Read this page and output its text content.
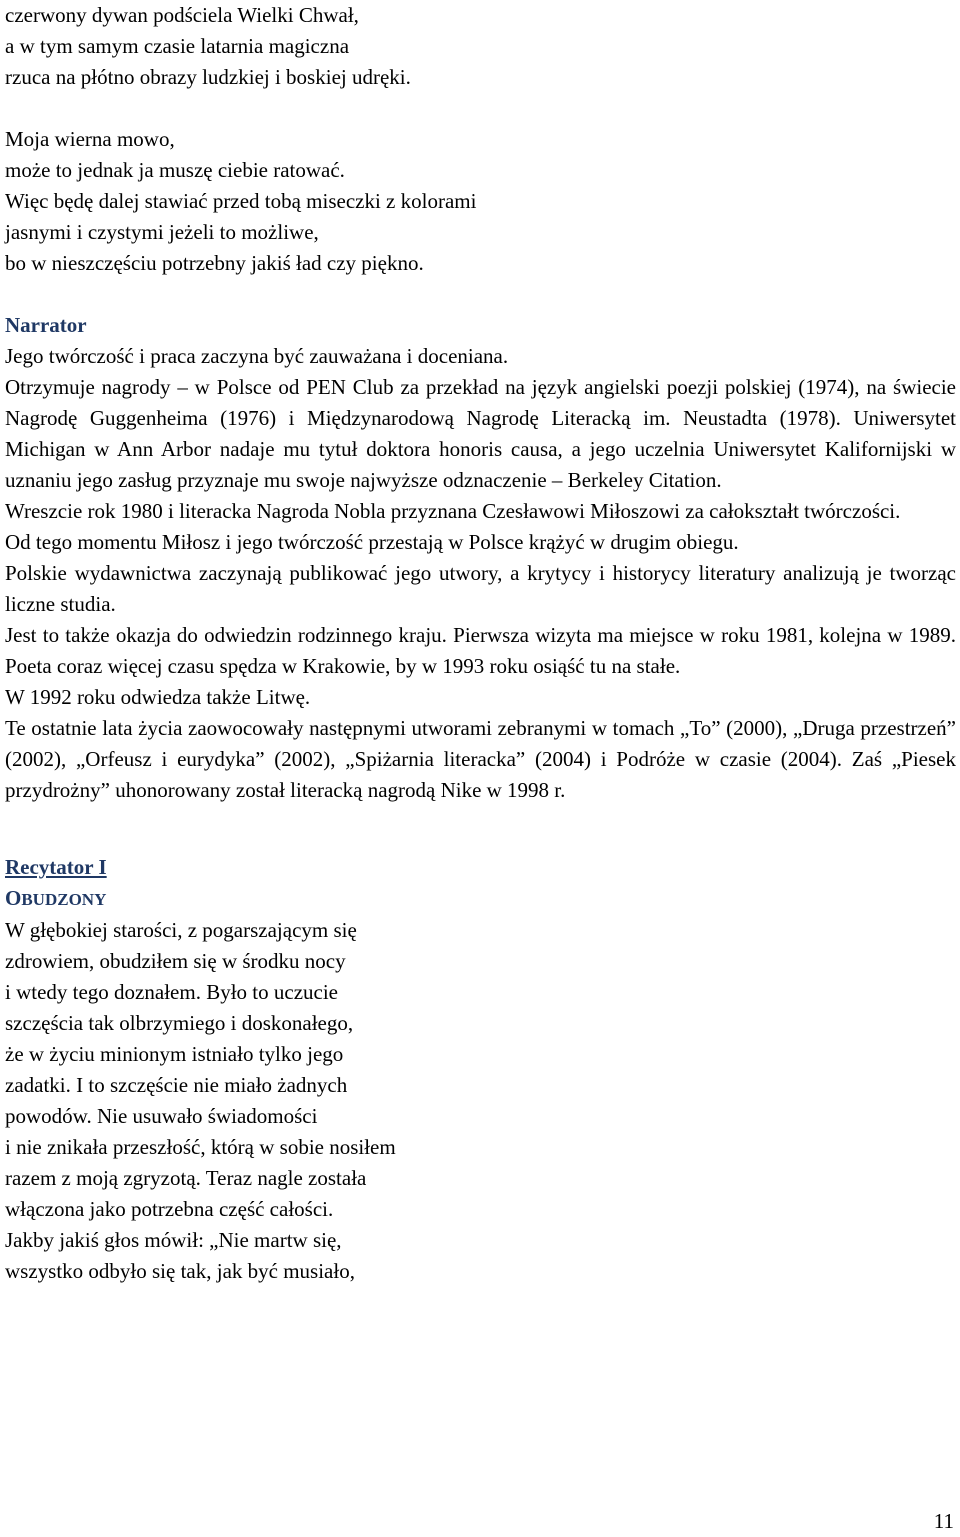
czerwony dywan podściela Wielki Chwał,
a w tym samym czasie latarnia magiczna
rzuca na płótno obrazy ludzkiej i boskiej udręki.
Moja wierna mowo,
może to jednak ja muszę ciebie ratować.
Więc będę dalej stawiać przed tobą miseczki z kolorami
jasnymi i czystymi jeżeli to możliwe,
bo w nieszczęściu potrzebny jakiś ład czy piękno.
Narrator

Jego twórczość i praca zaczyna być zauważana i doceniana.

Otrzymuje nagrody – w Polsce od PEN Club za przekład na język angielski poezji polskiej (1974), na świecie Nagrodę Guggenheima (1976) i Międzynarodową Nagrodę Literacką im. Neustadta (1978). Uniwersytet Michigan w Ann Arbor nadaje mu tytuł doktora honoris causa, a jego uczelnia Uniwersytet Kalifornijski w uznaniu jego zasług przyznaje mu swoje najwyższe odznaczenie – Berkeley Citation.

Wreszcie rok 1980 i literacka Nagroda Nobla przyznana Czesławowi Miłoszowi za całokształt twórczości.

Od tego momentu Miłosz i jego twórczość przestają w Polsce krążyć w drugim obiegu.

Polskie wydawnictwa zaczynają publikować jego utwory, a krytycy i historycy literatury analizują je tworząc liczne studia.

Jest to także okazja do odwiedzin rodzinnego kraju. Pierwsza wizyta ma miejsce w roku 1981, kolejna w 1989. Poeta coraz więcej czasu spędza w Krakowie, by w 1993 roku osiąść tu na stałe.

W 1992 roku odwiedza także Litwę.

Te ostatnie lata życia zaowocowały następnymi utworami zebranymi w tomach „To” (2000), „Druga przestrzeń” (2002), „Orfeusz i eurydyka” (2002), „Spiżarnia literacka” (2004) i Podróże w czasie (2004). Zaś „Piesek przydrożny” uhonorowany został literacką nagrodą Nike w 1998 r.

Recytator I
OBUDZONY
W głębokiej starości, z pogarszającym się
zdrowiem, obudziłem się w środku nocy
i wtedy tego doznałem. Było to uczucie
szczęścia tak olbrzymiego i doskonałego,
że w życiu minionym istniało tylko jego
zadatki. I to szczęście nie miało żadnych
powodów. Nie usuwało świadomości
i nie znikała przeszłość, którą w sobie nosiłem
razem z moją zgryzotą. Teraz nagle została
włączona jako potrzebna część całości.
Jakby jakiś głos mówił: „Nie martw się,
wszystko odbyło się tak, jak być musiało,
11
